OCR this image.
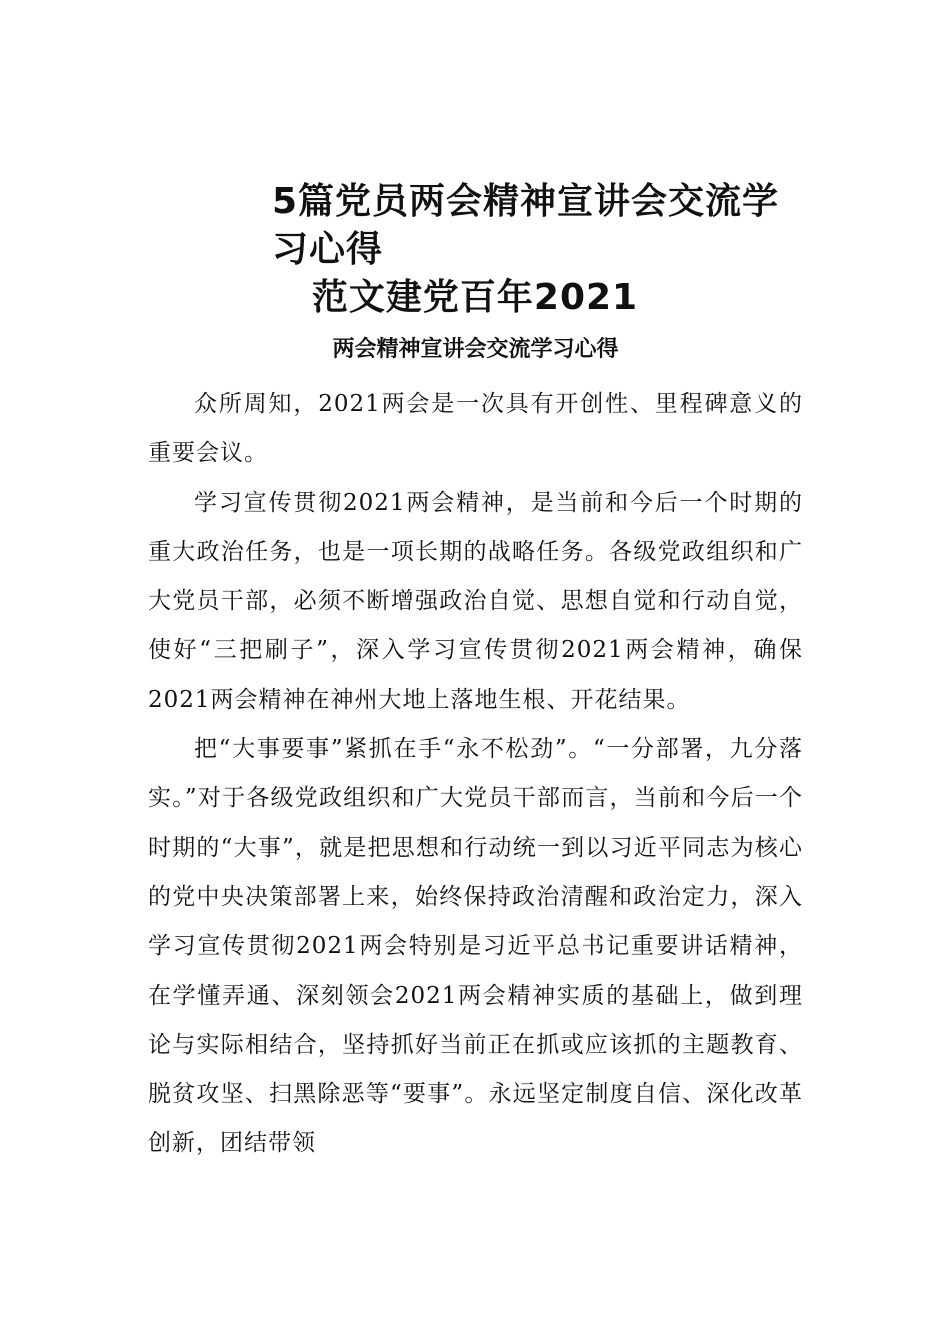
5篇党员两会精神宣讲会交流学习心得
范文建党百年2021
两会精神宣讲会交流学习心得

众所周知，2021两会是一次具有开创性、里程碑意义的重要会议。

学习宣传贯彻2021两会精神，是当前和今后一个时期的重大政治任务，也是一项长期的战略任务。各级党政组织和广大党员干部，必须不断增强政治自觉、思想自觉和行动自觉，使好“三把刷子”，深入学习宣传贯彻2021两会精神，确保2021两会精神在神州大地上落地生根、开花结果。

把“大事要事”紧抓在手“永不松劲”。“一分部署，九分落实。”对于各级党政组织和广大党员干部而言，当前和今后一个时期的“大事”，就是把思想和行动统一到以习近平同志为核心的党中央决策部署上来，始终保持政治清醒和政治定力，深入学习宣传贯彻2021两会特别是习近平总书记重要讲话精神，在学懂弄通、深刻领会2021两会精神实质的基础上，做到理论与实际相结合，坚持抓好当前正在抓或应该抓的主题教育、脱贫攻坚、扫黑除恶等“要事”。永远坚定制度自信、深化改革创新，团结带领
